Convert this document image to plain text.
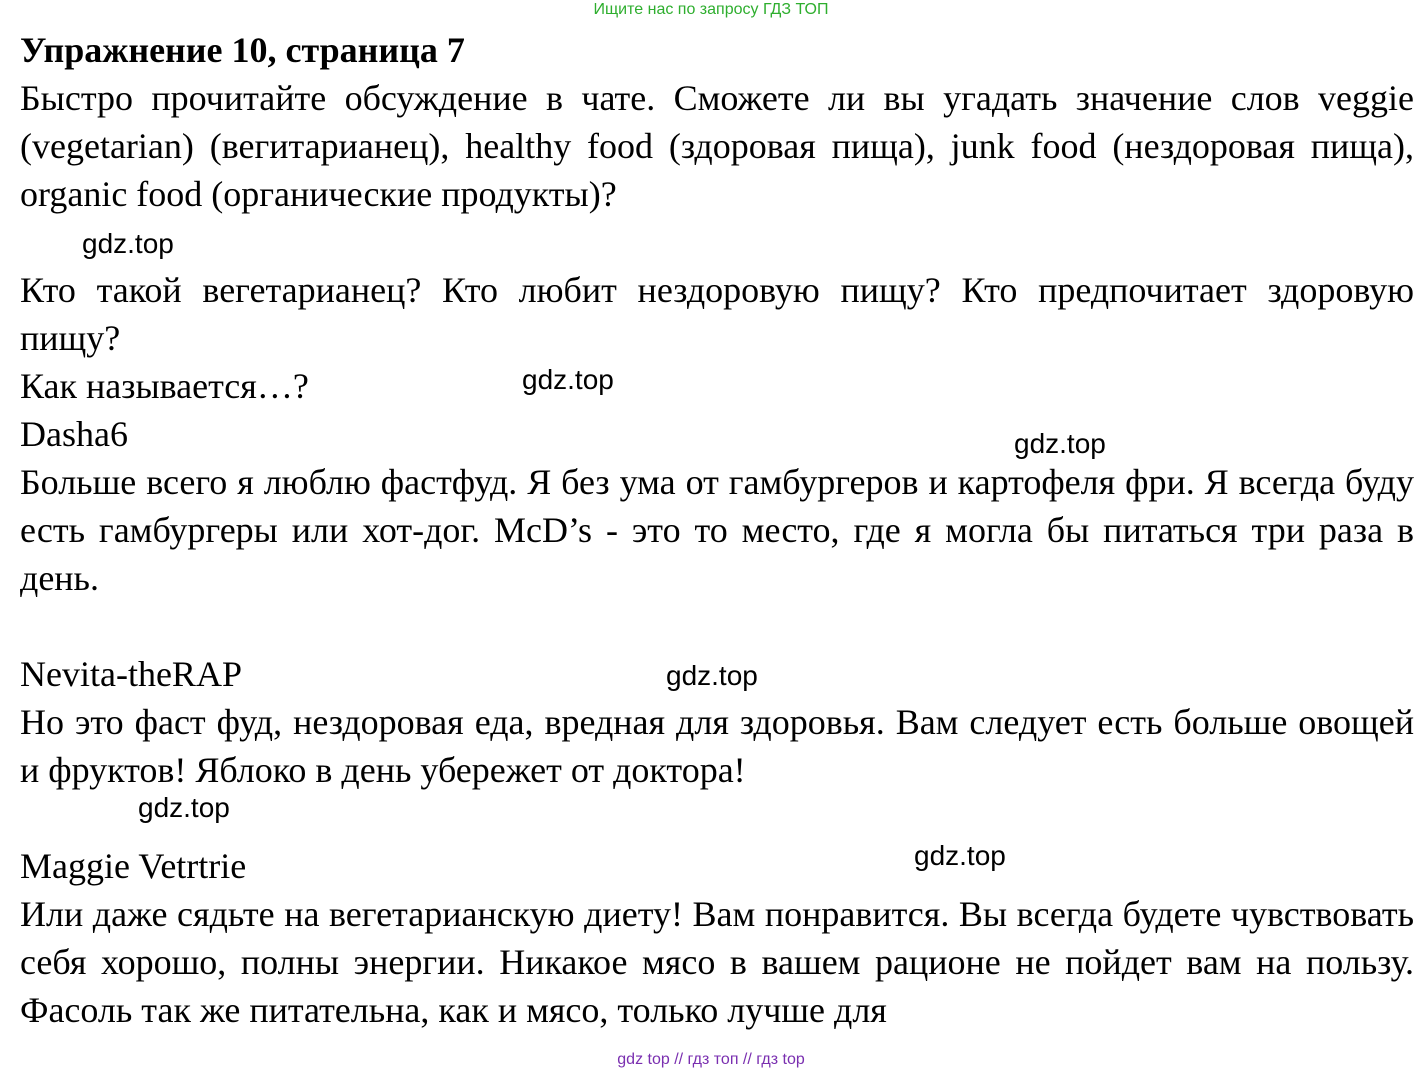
Ищите нас по запросу ГДЗ ТОП
Упражнение 10, страница 7

Быстро прочитайте обсуждение в чате. Сможете ли вы угадать значение слов veggie (vegetarian) (вегитарианец), healthy food (здоровая пища), junk food (нездоровая пища), organic food (органические продукты)?

Кто такой вегетарианец? Кто любит нездоровую пищу? Кто предпочитает здоровую пищу?

Как называется…?

Dasha6

Больше всего я люблю фастфуд. Я без ума от гамбургеров и картофеля фри. Я всегда буду есть гамбургеры или хот-дог. McD’s - это то место, где я могла бы питаться три раза в день.

Nevita-theRAP

Но это фаст фуд, нездоровая еда, вредная для здоровья. Вам следует есть больше овощей и фруктов! Яблоко в день убережет от доктора!

Maggie Vetrtrie

Или даже сядьте на вегетарианскую диету! Вам понравится. Вы всегда будете чувствовать себя хорошо, полны энергии. Никакое мясо в вашем рационе не пойдет вам на пользу. Фасоль так же питательна, как и мясо, только лучше для

gdz.top
gdz.top
gdz.top
gdz.top
gdz.top
gdz.top
gdz top // гдз топ // гдз top
